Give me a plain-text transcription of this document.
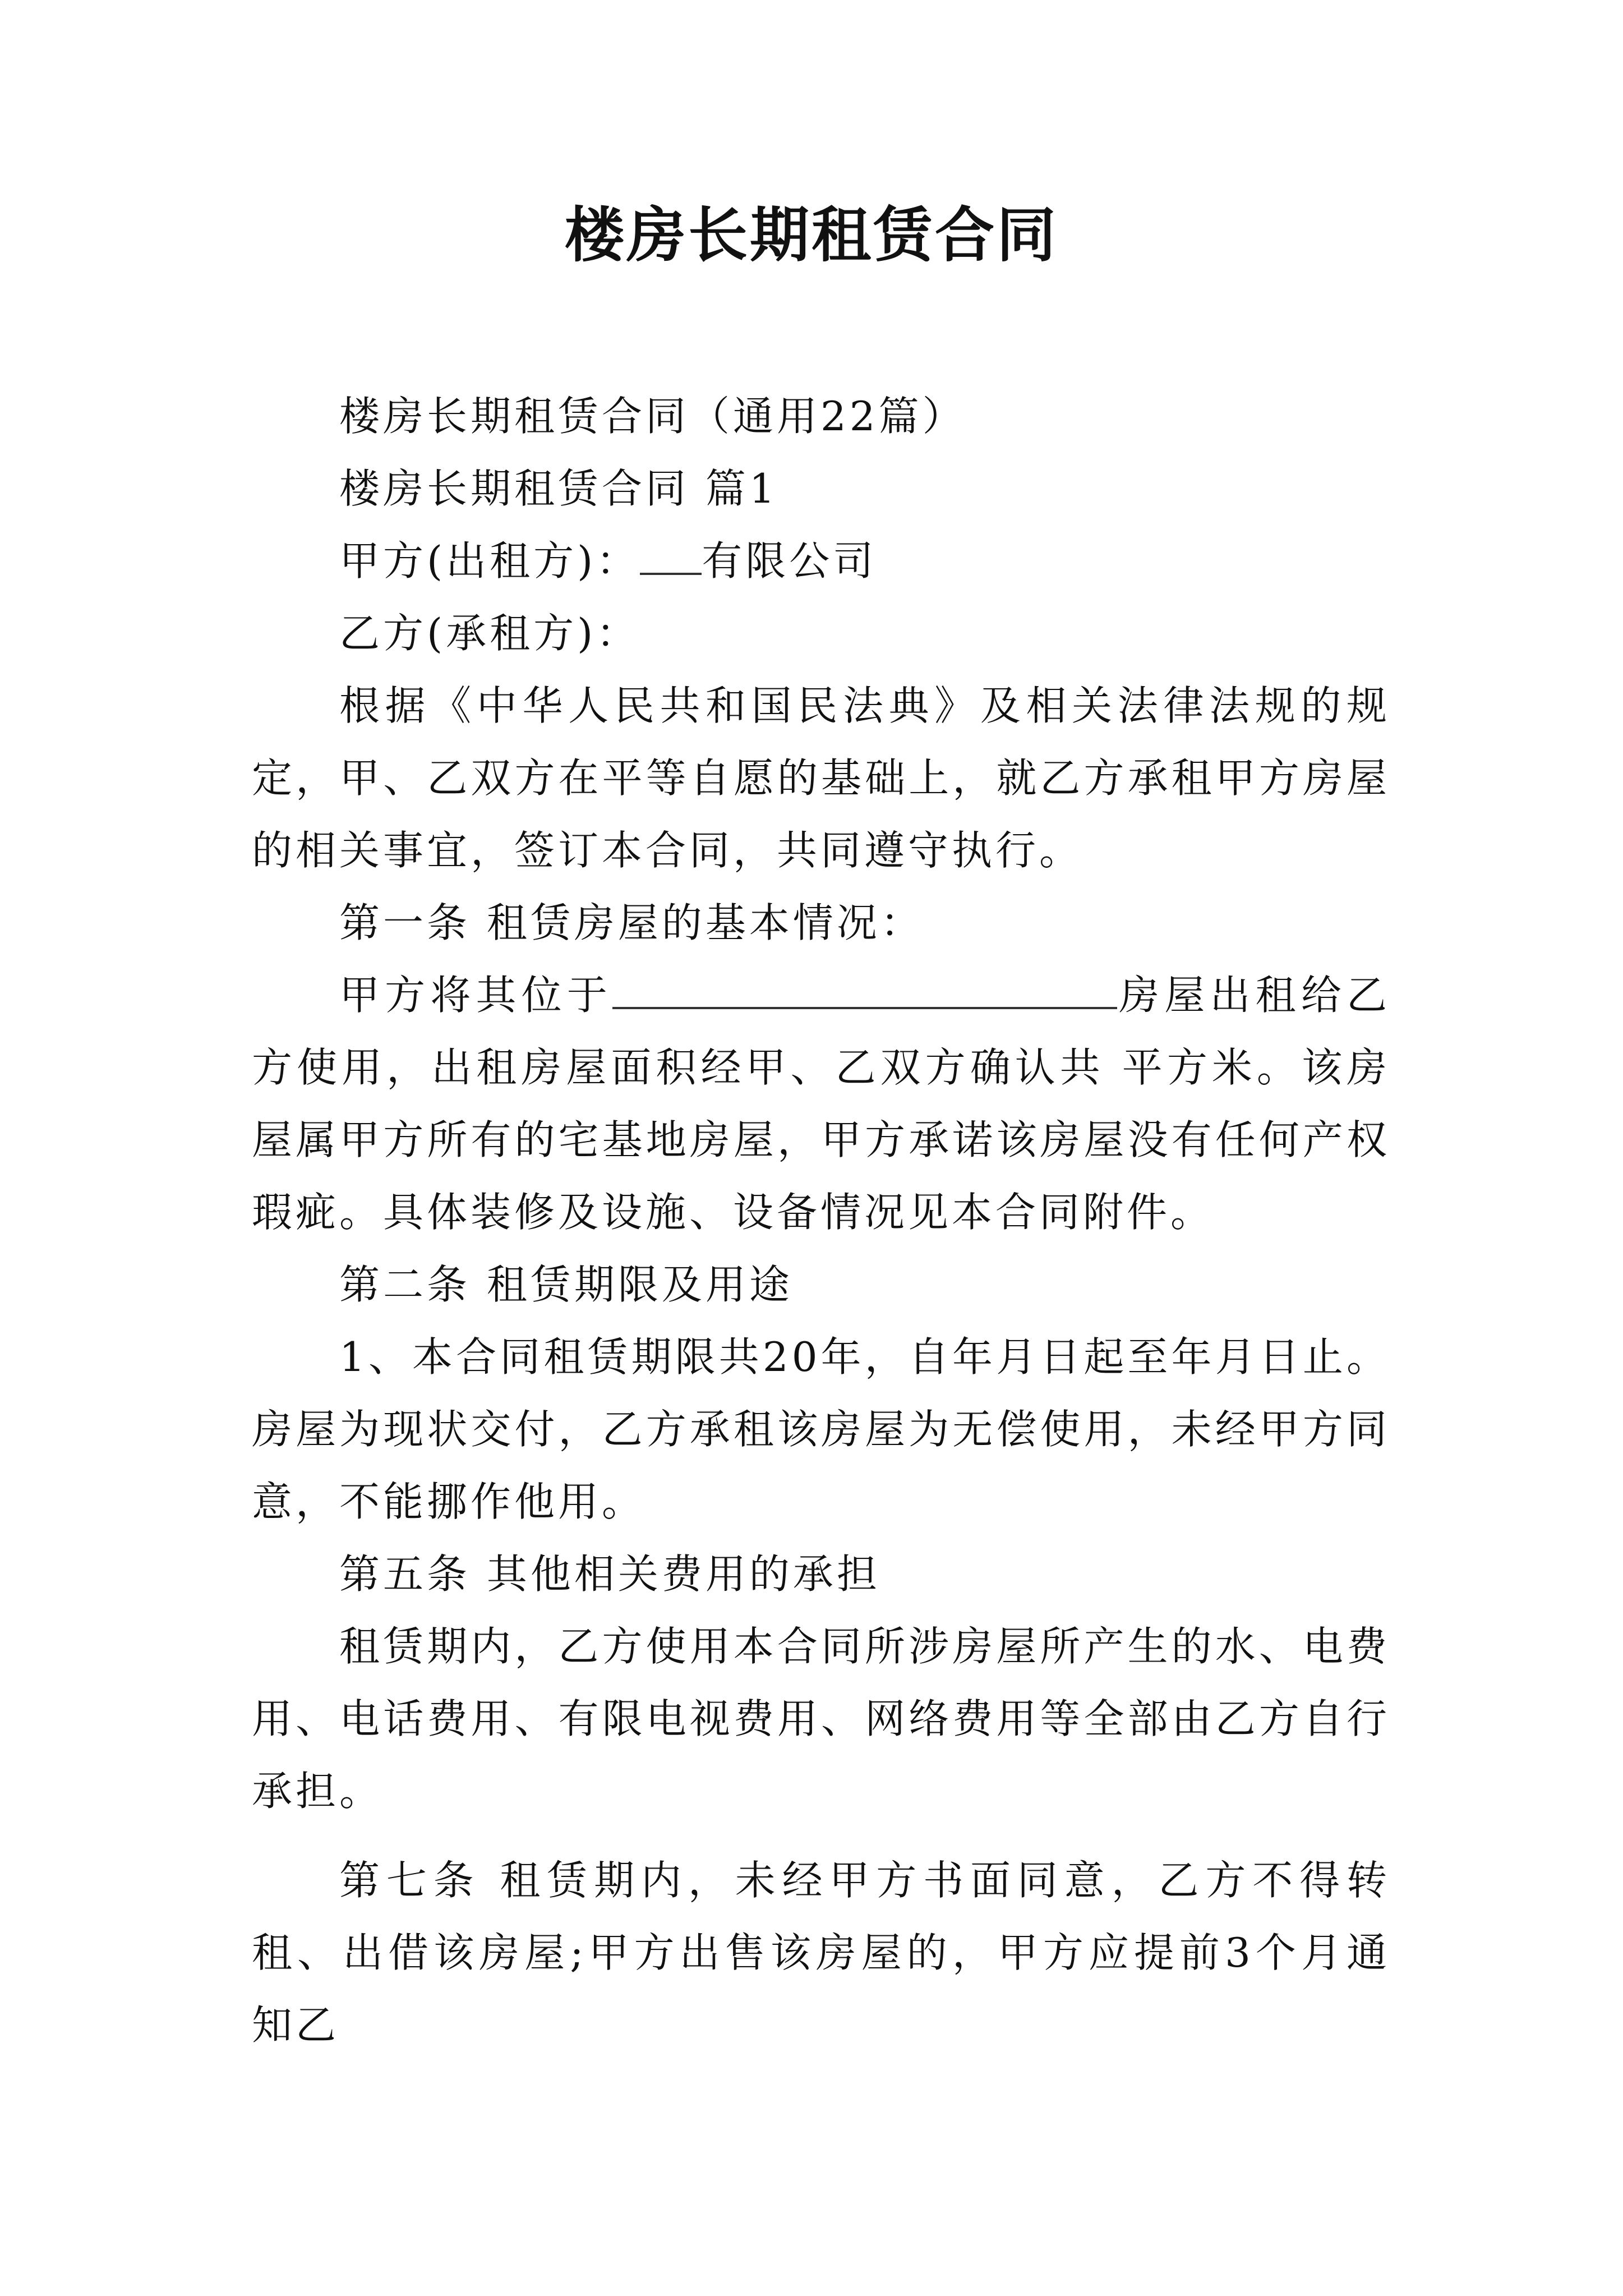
楼房长期租赁合同

楼房长期租赁合同（通用22篇）

楼房长期租赁合同 篇1

甲方(出租方)： 有限公司

乙方(承租方)：

根据《中华人民共和国民法典》及相关法律法规的规定，甲、乙双方在平等自愿的基础上，就乙方承租甲方房屋的相关事宜，签订本合同，共同遵守执行。

第一条 租赁房屋的基本情况：

甲方将其位于	房屋出租给乙方使用，出租房屋面积经甲、乙双方确认共 平方米。该房屋属甲方所有的宅基地房屋，甲方承诺该房屋没有任何产权瑕疵。具体装修及设施、设备情况见本合同附件。

第二条 租赁期限及用途

1、本合同租赁期限共20年，自年月日起至年月日止。房屋为现状交付，乙方承租该房屋为无偿使用，未经甲方同意，不能挪作他用。

第五条 其他相关费用的承担

租赁期内，乙方使用本合同所涉房屋所产生的水、电费用、电话费用、有限电视费用、网络费用等全部由乙方自行承担。

第七条 租赁期内，未经甲方书面同意，乙方不得转租、出借该房屋;甲方出售该房屋的，甲方应提前3个月通知乙
